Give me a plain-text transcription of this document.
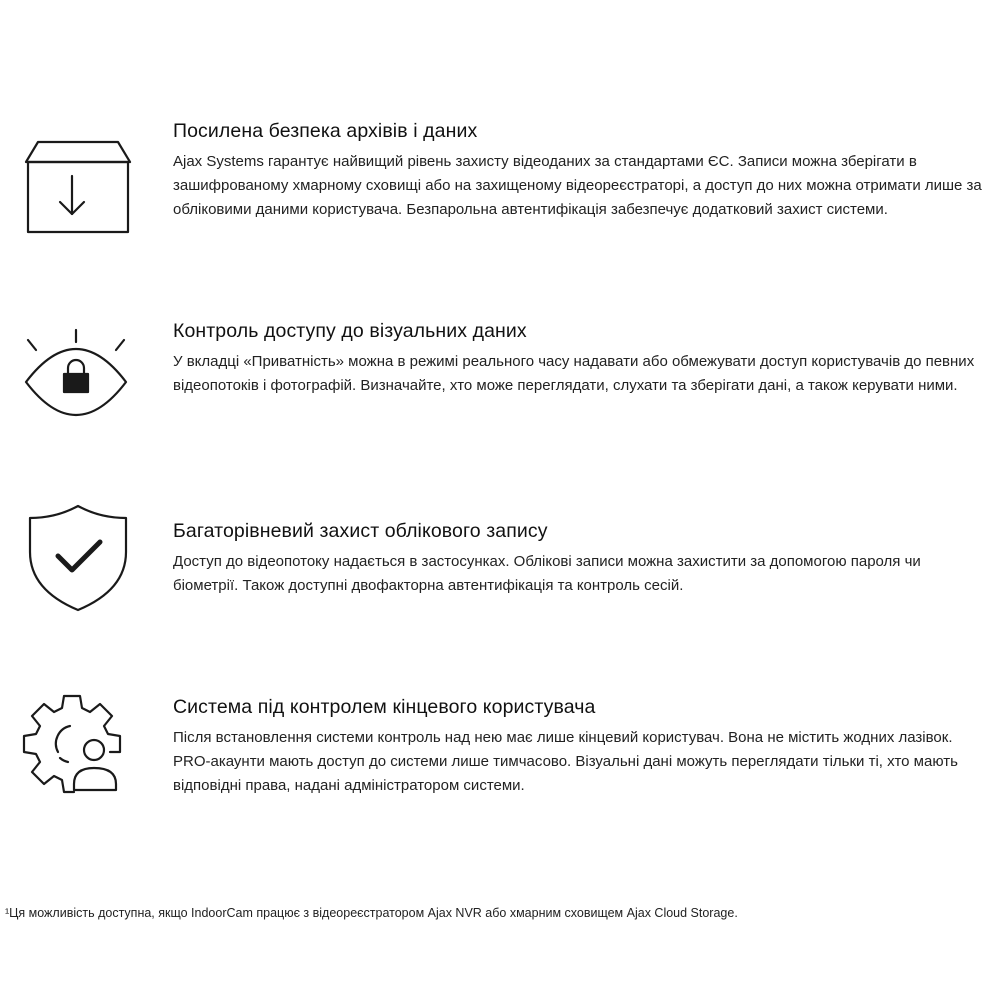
Посилена безпека архівів і даних

Ajax Systems гарантує найвищий рівень захисту відеоданих за стандартами ЄС. Записи можна зберігати в зашифрованому хмарному сховищі або на захищеному відеореєстраторі, а доступ до них можна отримати лише за обліковими даними користувача. Безпарольна автентифікація забезпечує додатковий захист системи.

Контроль доступу до візуальних даних

У вкладці «Приватність» можна в режимі реального часу надавати або обмежувати доступ користувачів до певних відеопотоків і фотографій. Визначайте, хто може переглядати, слухати та зберігати дані, а також керувати ними.

Багаторівневий захист облікового запису

Доступ до відеопотоку надається в застосунках. Облікові записи можна захистити за допомогою пароля чи біометрії. Також доступні двофакторна автентифікація та контроль сесій.

Система під контролем кінцевого користувача

Після встановлення системи контроль над нею має лише кінцевий користувач. Вона не містить жодних лазівок. PRO-акаунти мають доступ до системи лише тимчасово. Візуальні дані можуть переглядати тільки ті, хто мають відповідні права, надані адміністратором системи.

¹Ця можливість доступна, якщо IndoorCam працює з відеореєстратором Ajax NVR або хмарним сховищем Ajax Cloud Storage.
